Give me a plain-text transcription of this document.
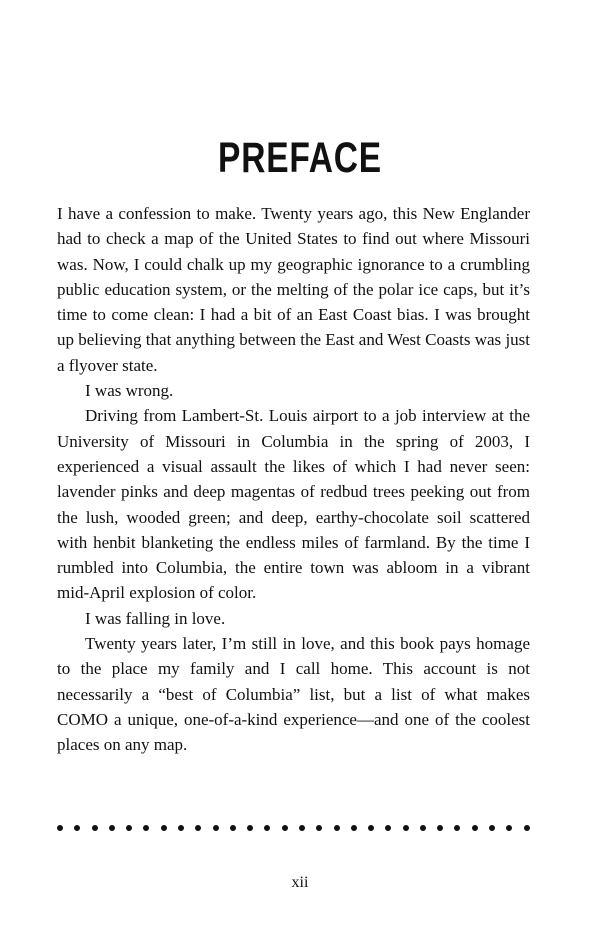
PREFACE

I have a confession to make. Twenty years ago, this New Englander had to check a map of the United States to find out where Missouri was. Now, I could chalk up my geographic ignorance to a crumbling public education system, or the melting of the polar ice caps, but it’s time to come clean: I had a bit of an East Coast bias. I was brought up believing that anything between the East and West Coasts was just a flyover state.

I was wrong.

Driving from Lambert-St. Louis airport to a job interview at the University of Missouri in Columbia in the spring of 2003, I experienced a visual assault the likes of which I had never seen: lavender pinks and deep magentas of redbud trees peeking out from the lush, wooded green; and deep, earthy-chocolate soil scattered with henbit blanketing the endless miles of farmland. By the time I rumbled into Columbia, the entire town was abloom in a vibrant mid-April explosion of color.

I was falling in love.

Twenty years later, I’m still in love, and this book pays homage to the place my family and I call home. This account is not necessarily a “best of Columbia” list, but a list of what makes COMO a unique, one-of-a-kind experience—and one of the coolest places on any map.

xii
